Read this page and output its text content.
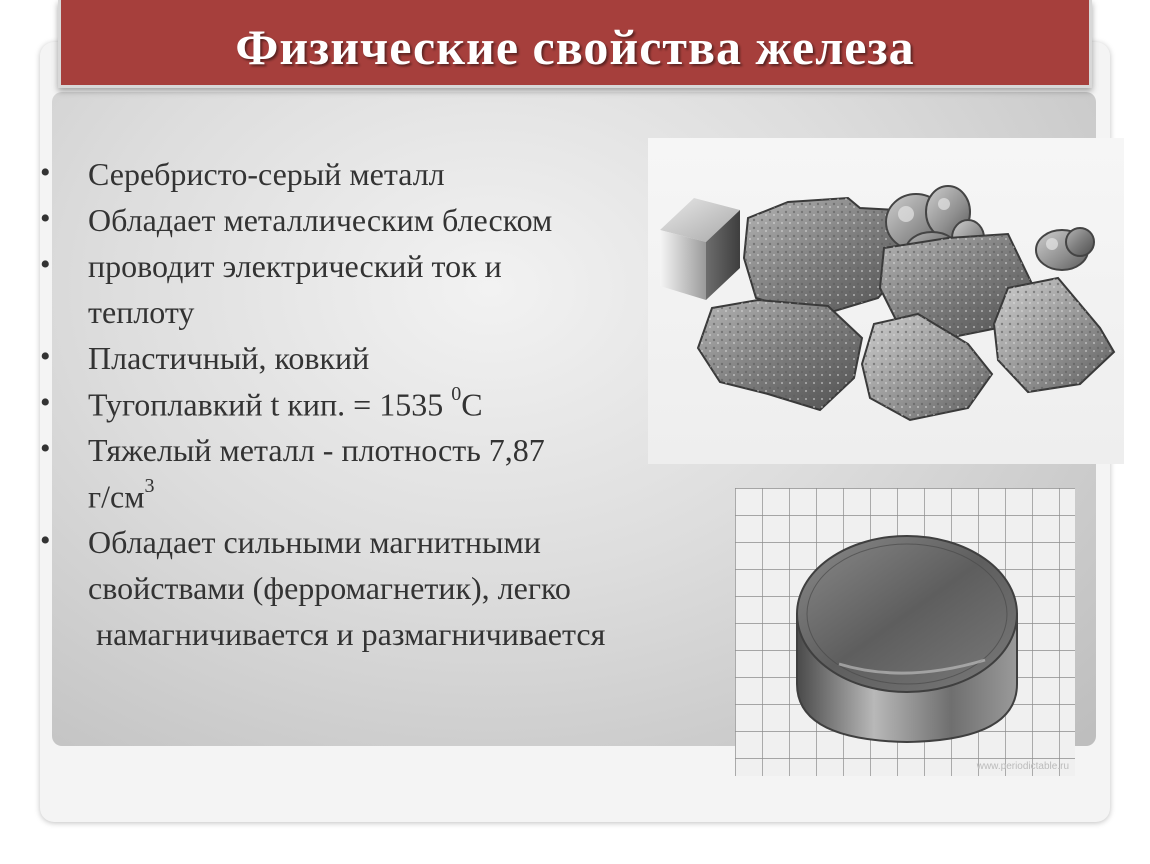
Физические свойства железа
• Серебристо-серый металл
• Обладает металлическим блеском
• проводит электрический ток и
теплоту
• Пластичный, ковкий
• Тугоплавкий t кип. = 1535 $^0$С
• Тяжелый металл - плотность 7,87
$г/см^3$
• Обладает сильными магнитными
свойствами (ферромагнетик), легко
намагничивается и размагничивается
www.periodictable.ru
